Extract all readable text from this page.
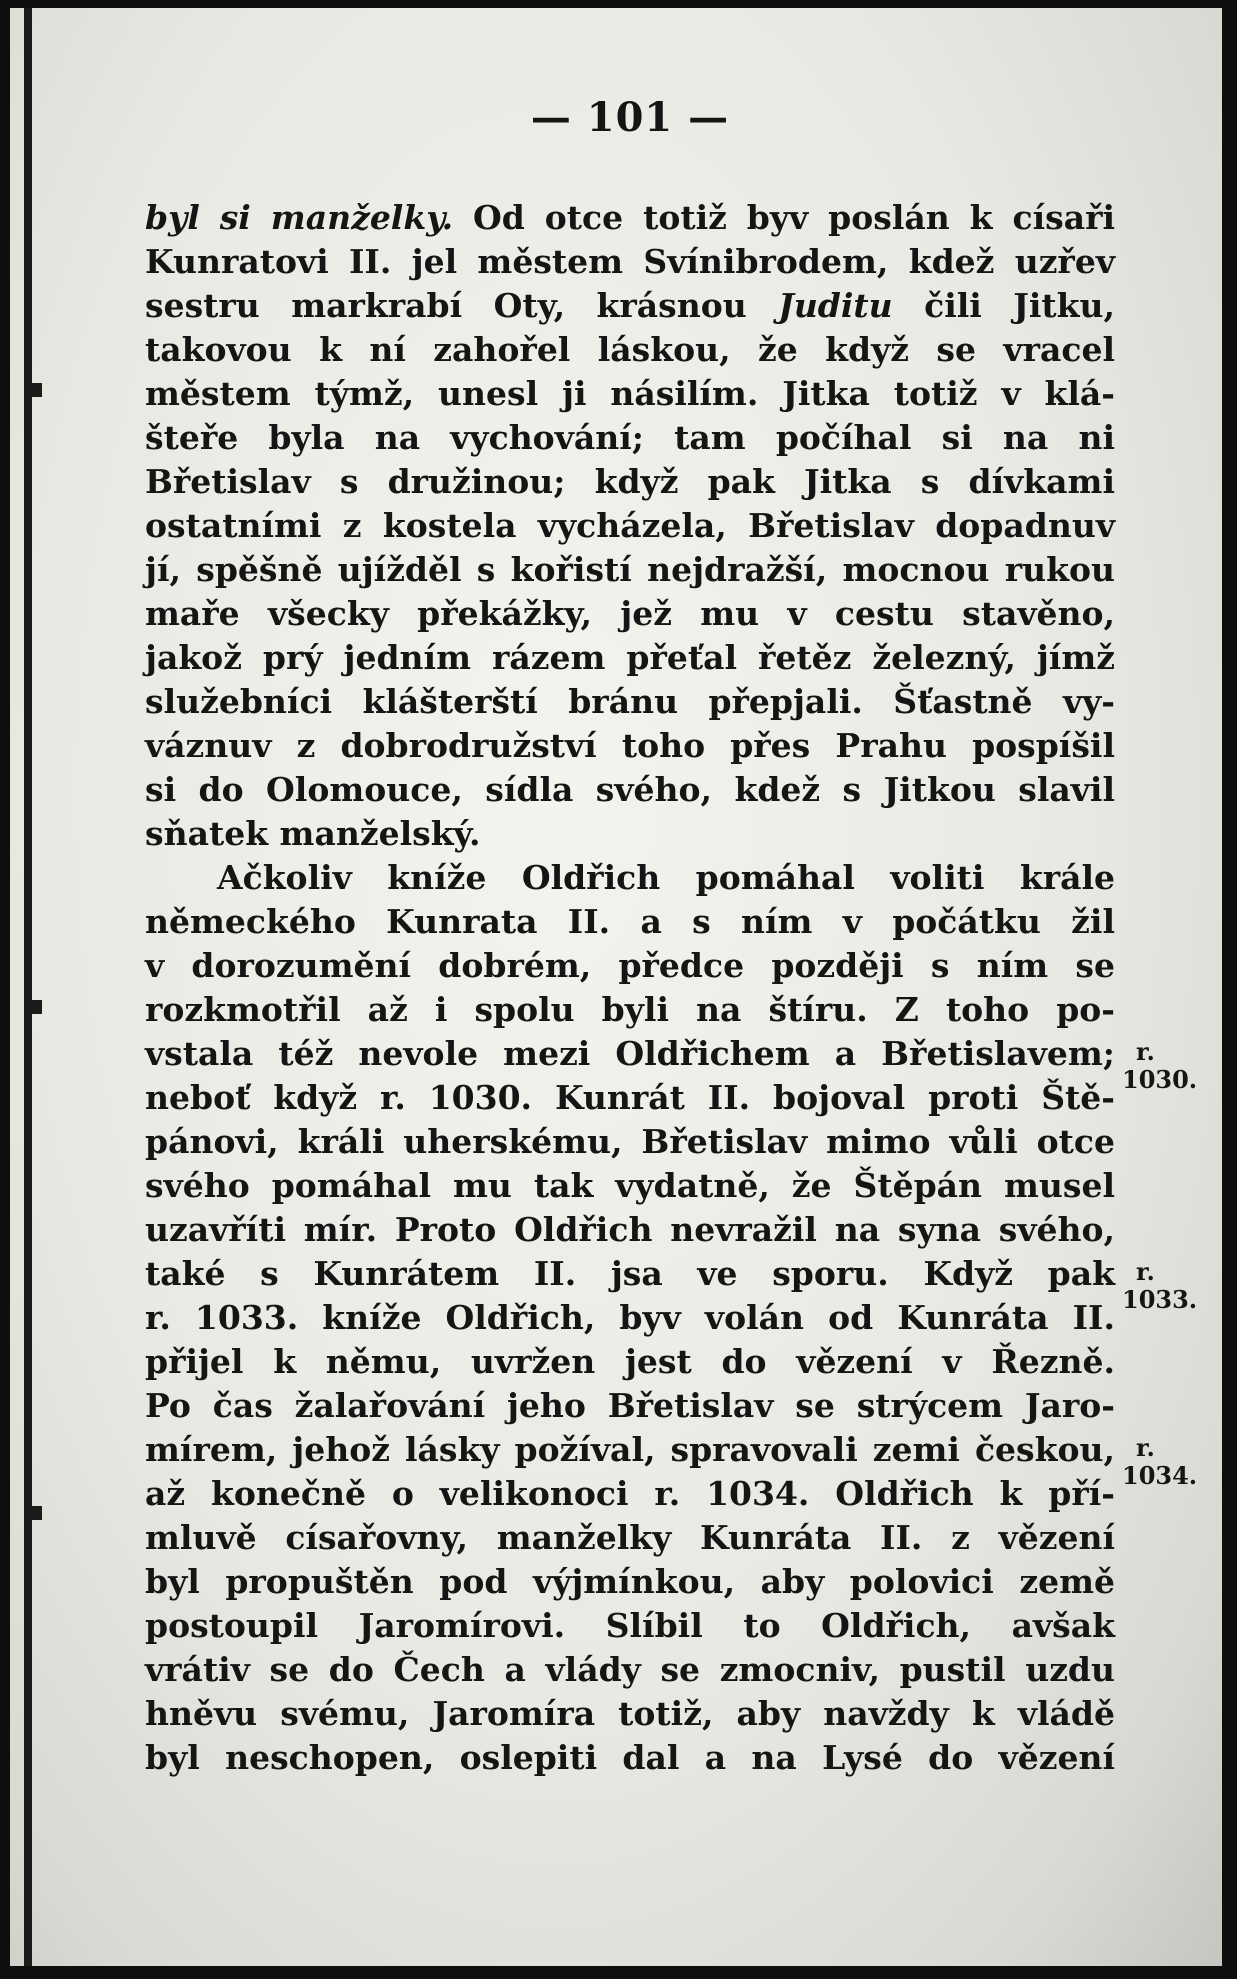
— 101 —
byl si manželky. Od otce totiž byv poslán k císaři
Kunratovi II. jel městem Svínibrodem, kdež uzřev
sestru markrabí Oty, krásnou Juditu čili Jitku,
takovou k ní zahořel láskou, že když se vracel
městem týmž, unesl ji násilím. Jitka totiž v klá-
šteře byla na vychování; tam počíhal si na ni
Břetislav s družinou; když pak Jitka s dívkami
ostatními z kostela vycházela, Břetislav dopadnuv
jí, spěšně ujížděl s kořistí nejdražší, mocnou rukou
maře všecky překážky, jež mu v cestu stavěno,
jakož prý jedním rázem přeťal řetěz železný, jímž
služebníci klášterští bránu přepjali. Šťastně vy-
váznuv z dobrodružství toho přes Prahu pospíšil
si do Olomouce, sídla svého, kdež s Jitkou slavil
sňatek manželský.
Ačkoliv kníže Oldřich pomáhal voliti krále
německého Kunrata II. a s ním v počátku žil
v dorozumění dobrém, předce později s ním se
rozkmotřil až i spolu byli na štíru. Z toho po-
vstala též nevole mezi Oldřichem a Břetislavem;
neboť když r. 1030. Kunrát II. bojoval proti Ště-
pánovi, králi uherskému, Břetislav mimo vůli otce
svého pomáhal mu tak vydatně, že Štěpán musel
uzavříti mír. Proto Oldřich nevražil na syna svého,
také s Kunrátem II. jsa ve sporu. Když pak
r. 1033. kníže Oldřich, byv volán od Kunráta II.
přijel k němu, uvržen jest do vězení v Řezně.
Po čas žalařování jeho Břetislav se strýcem Jaro-
mírem, jehož lásky požíval, spravovali zemi českou,
až konečně o velikonoci r. 1034. Oldřich k pří-
mluvě císařovny, manželky Kunráta II. z vězení
byl propuštěn pod výjmínkou, aby polovici země
postoupil Jaromírovi. Slíbil to Oldřich, avšak
vrátiv se do Čech a vlády se zmocniv, pustil uzdu
hněvu svému, Jaromíra totiž, aby navždy k vládě
byl neschopen, oslepiti dal a na Lysé do vězení
r.
1030.
r.
1033.
r.
1034.
